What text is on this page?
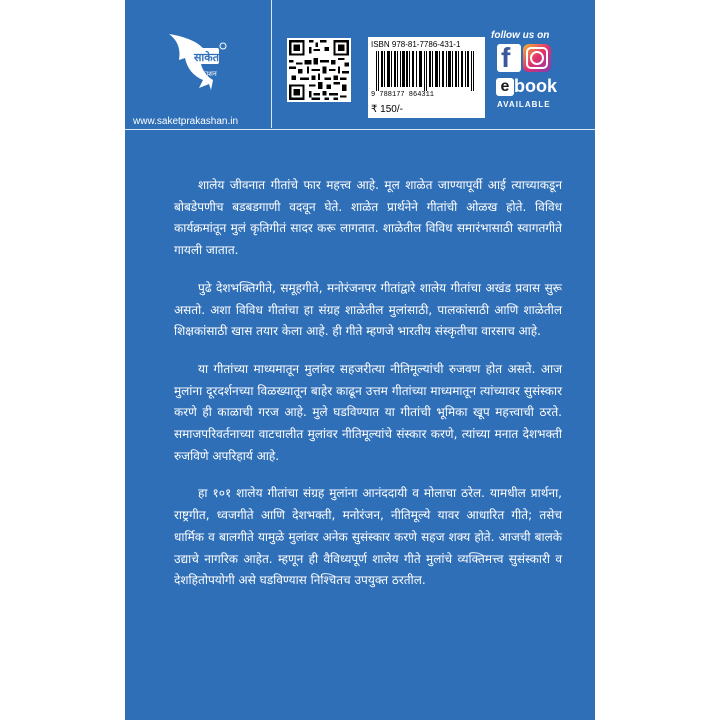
साकेत
प्रकाशन
www.saketprakashan.in
ISBN 978-81-7786-431-1
9 788177 864311
₹ 150/-
follow us on
f
e book
AVAILABLE

शालेय जीवनात गीतांचे फार महत्त्व आहे. मूल शाळेत जाण्यापूर्वी आई त्याच्याकडून बोबडेपणीच बडबडगाणी वदवून घेते. शाळेत प्रार्थनेने गीतांची ओळख होते. विविध कार्यक्रमांतून मुलं कृतिगीतं सादर करू लागतात. शाळेतील विविध समारंभासाठी स्वागतगीते गायली जातात.

पुढे देशभक्तिगीते, समूहगीते, मनोरंजनपर गीतांद्वारे शालेय गीतांचा अखंड प्रवास सुरू असतो. अशा विविध गीतांचा हा संग्रह शाळेतील मुलांसाठी, पालकांसाठी आणि शाळेतील शिक्षकांसाठी खास तयार केला आहे. ही गीते म्हणजे भारतीय संस्कृतीचा वारसाच आहे.

या गीतांच्या माध्यमातून मुलांवर सहजरीत्या नीतिमूल्यांची रुजवण होत असते. आज मुलांना दूरदर्शनच्या विळख्यातून बाहेर काढून उत्तम गीतांच्या माध्यमातून त्यांच्यावर सुसंस्कार करणे ही काळाची गरज आहे. मुले घडविण्यात या गीतांची भूमिका खूप महत्त्वाची ठरते. समाजपरिवर्तनाच्या वाटचालीत मुलांवर नीतिमूल्यांचे संस्कार करणे, त्यांच्या मनात देशभक्ती रुजविणे अपरिहार्य आहे.

हा १०१ शालेय गीतांचा संग्रह मुलांना आनंददायी व मोलाचा ठरेल. यामधील प्रार्थना, राष्ट्रगीत, ध्वजगीते आणि देशभक्ती, मनोरंजन, नीतिमूल्ये यावर आधारित गीते; तसेच धार्मिक व बालगीते यामुळे मुलांवर अनेक सुसंस्कार करणे सहज शक्य होते. आजची बालके उद्याचे नागरिक आहेत. म्हणून ही वैविध्यपूर्ण शालेय गीते मुलांचे व्यक्तिमत्त्व सुसंस्कारी व देशहितोपयोगी असे घडविण्यास निश्चितच उपयुक्त ठरतील.
